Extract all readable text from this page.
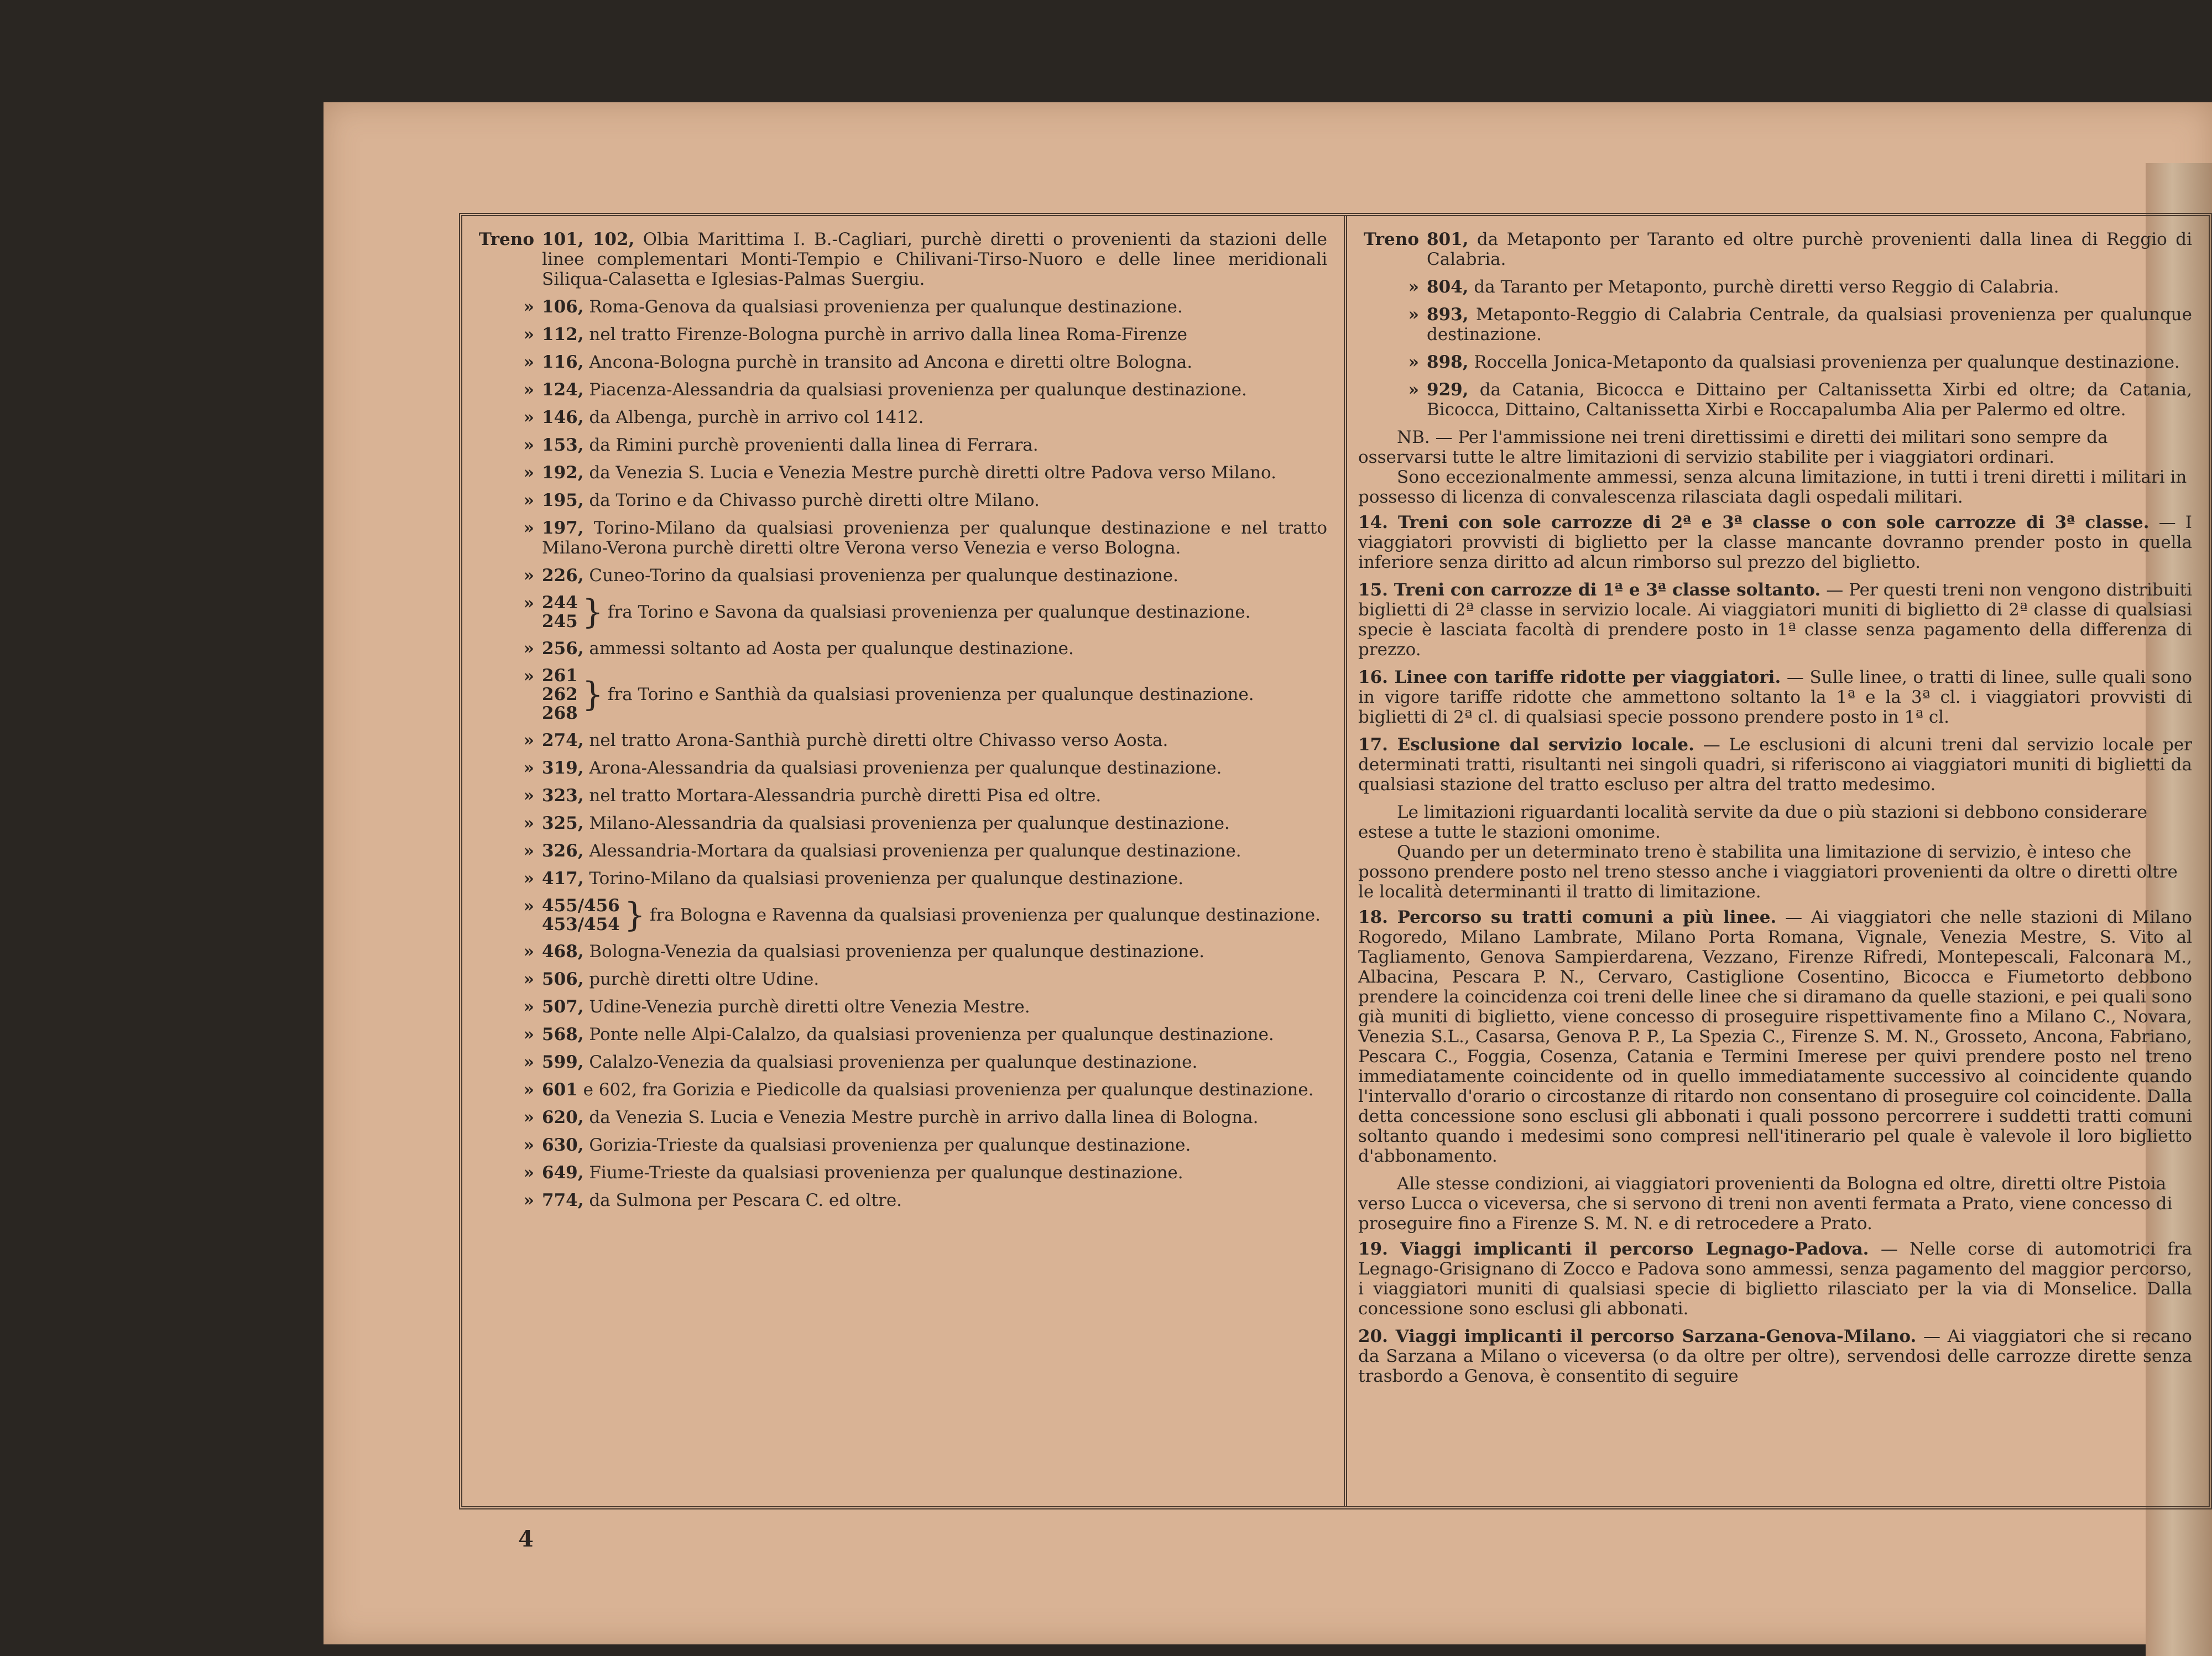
Treno 101, 102, Olbia Marittima I. B.-Cagliari, purchè diretti o provenienti da stazioni delle linee complementari Monti-Tempio e Chilivani-Tirso-Nuoro e delle linee meridionali Siliqua-Calasetta e Iglesias-Palmas Suergiu.
» 106, Roma-Genova da qualsiasi provenienza per qualunque destinazione.
» 112, nel tratto Firenze-Bologna purchè in arrivo dalla linea Roma-Firenze
» 116, Ancona-Bologna purchè in transito ad Ancona e diretti oltre Bologna.
» 124, Piacenza-Alessandria da qualsiasi provenienza per qualunque destinazione.
» 146, da Albenga, purchè in arrivo col 1412.
» 153, da Rimini purchè provenienti dalla linea di Ferrara.
» 192, da Venezia S. Lucia e Venezia Mestre purchè diretti oltre Padova verso Milano.
» 195, da Torino e da Chivasso purchè diretti oltre Milano.
» 197, Torino-Milano da qualsiasi provenienza per qualunque destinazione e nel tratto Milano-Verona purchè diretti oltre Verona verso Venezia e verso Bologna.
» 226, Cuneo-Torino da qualsiasi provenienza per qualunque destinazione.
» 244
245 } fra Torino e Savona da qualsiasi provenienza per qualunque destinazione.
» 256, ammessi soltanto ad Aosta per qualunque destinazione.
» 261
262
268 } fra Torino e Santhià da qualsiasi provenienza per qualunque destinazione.
» 274, nel tratto Arona-Santhià purchè diretti oltre Chivasso verso Aosta.
» 319, Arona-Alessandria da qualsiasi provenienza per qualunque destinazione.
» 323, nel tratto Mortara-Alessandria purchè diretti Pisa ed oltre.
» 325, Milano-Alessandria da qualsiasi provenienza per qualunque destinazione.
» 326, Alessandria-Mortara da qualsiasi provenienza per qualunque destinazione.
» 417, Torino-Milano da qualsiasi provenienza per qualunque destinazione.
» 455/456
453/454 } fra Bologna e Ravenna da qualsiasi provenienza per qualunque destinazione.
» 468, Bologna-Venezia da qualsiasi provenienza per qualunque destinazione.
» 506, purchè diretti oltre Udine.
» 507, Udine-Venezia purchè diretti oltre Venezia Mestre.
» 568, Ponte nelle Alpi-Calalzo, da qualsiasi provenienza per qualunque destinazione.
» 599, Calalzo-Venezia da qualsiasi provenienza per qualunque destinazione.
» 601 e 602, fra Gorizia e Piedicolle da qualsiasi provenienza per qualunque destinazione.
» 620, da Venezia S. Lucia e Venezia Mestre purchè in arrivo dalla linea di Bologna.
» 630, Gorizia-Trieste da qualsiasi provenienza per qualunque destinazione.
» 649, Fiume-Trieste da qualsiasi provenienza per qualunque destinazione.
» 774, da Sulmona per Pescara C. ed oltre.
Treno 801, da Metaponto per Taranto ed oltre purchè provenienti dalla linea di Reggio di Calabria.
» 804, da Taranto per Metaponto, purchè diretti verso Reggio di Calabria.
» 893, Metaponto-Reggio di Calabria Centrale, da qualsiasi provenienza per qualunque destinazione.
» 898, Roccella Jonica-Metaponto da qualsiasi provenienza per qualunque destinazione.
» 929, da Catania, Bicocca e Dittaino per Caltanissetta Xirbi ed oltre; da Catania, Bicocca, Dittaino, Caltanissetta Xirbi e Roccapalumba Alia per Palermo ed oltre.

NB. — Per l'ammissione nei treni direttissimi e diretti dei militari sono sempre da osservarsi tutte le altre limitazioni di servizio stabilite per i viaggiatori ordinari.

Sono eccezionalmente ammessi, senza alcuna limitazione, in tutti i treni diretti i militari in possesso di licenza di convalescenza rilasciata dagli ospedali militari.

14. Treni con sole carrozze di 2ª e 3ª classe o con sole carrozze di 3ª classe. — I viaggiatori provvisti di biglietto per la classe mancante dovranno prender posto in quella inferiore senza diritto ad alcun rimborso sul prezzo del biglietto.
15. Treni con carrozze di 1ª e 3ª classe soltanto. — Per questi treni non vengono distribuiti biglietti di 2ª classe in servizio locale. Ai viaggiatori muniti di biglietto di 2ª classe di qualsiasi specie è lasciata facoltà di prendere posto in 1ª classe senza pagamento della differenza di prezzo.
16. Linee con tariffe ridotte per viaggiatori. — Sulle linee, o tratti di linee, sulle quali sono in vigore tariffe ridotte che ammettono soltanto la 1ª e la 3ª cl. i viaggiatori provvisti di biglietti di 2ª cl. di qualsiasi specie possono prendere posto in 1ª cl.
17. Esclusione dal servizio locale. — Le esclusioni di alcuni treni dal servizio locale per determinati tratti, risultanti nei singoli quadri, si riferiscono ai viaggiatori muniti di biglietti da qualsiasi stazione del tratto escluso per altra del tratto medesimo.

Le limitazioni riguardanti località servite da due o più stazioni si debbono considerare estese a tutte le stazioni omonime.

Quando per un determinato treno è stabilita una limitazione di servizio, è inteso che possono prendere posto nel treno stesso anche i viaggiatori provenienti da oltre o diretti oltre le località determinanti il tratto di limitazione.

18. Percorso su tratti comuni a più linee. — Ai viaggiatori che nelle stazioni di Milano Rogoredo, Milano Lambrate, Milano Porta Romana, Vignale, Venezia Mestre, S. Vito al Tagliamento, Genova Sampierdarena, Vezzano, Firenze Rifredi, Montepescali, Falconara M., Albacina, Pescara P. N., Cervaro, Castiglione Cosentino, Bicocca e Fiumetorto debbono prendere la coincidenza coi treni delle linee che si diramano da quelle stazioni, e pei quali sono già muniti di biglietto, viene concesso di proseguire rispettivamente fino a Milano C., Novara, Venezia S.L., Casarsa, Genova P. P., La Spezia C., Firenze S. M. N., Grosseto, Ancona, Fabriano, Pescara C., Foggia, Cosenza, Catania e Termini Imerese per quivi prendere posto nel treno immediatamente coincidente od in quello immediatamente successivo al coincidente quando l'intervallo d'orario o circostanze di ritardo non consentano di proseguire col coincidente. Dalla detta concessione sono esclusi gli abbonati i quali possono percorrere i suddetti tratti comuni soltanto quando i medesimi sono compresi nell'itinerario pel quale è valevole il loro biglietto d'abbonamento.

Alle stesse condizioni, ai viaggiatori provenienti da Bologna ed oltre, diretti oltre Pistoia verso Lucca o viceversa, che si servono di treni non aventi fermata a Prato, viene concesso di proseguire fino a Firenze S. M. N. e di retrocedere a Prato.

19. Viaggi implicanti il percorso Legnago-Padova. — Nelle corse di automotrici fra Legnago-Grisignano di Zocco e Padova sono ammessi, senza pagamento del maggior percorso, i viaggiatori muniti di qualsiasi specie di biglietto rilasciato per la via di Monselice. Dalla concessione sono esclusi gli abbonati.
20. Viaggi implicanti il percorso Sarzana-Genova-Milano. — Ai viaggiatori che si recano da Sarzana a Milano o viceversa (o da oltre per oltre), servendosi delle carrozze dirette senza trasbordo a Genova, è consentito di seguire
4
